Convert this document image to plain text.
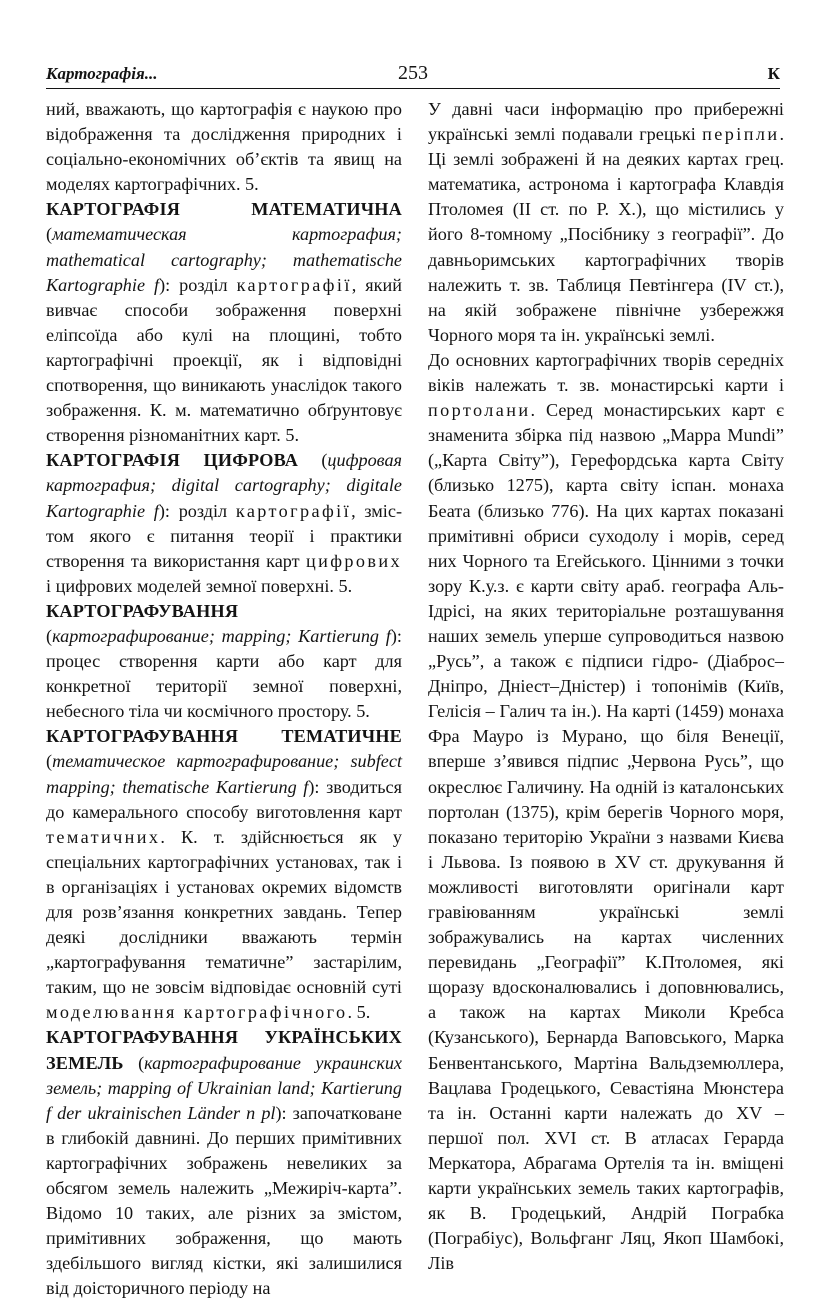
Картографія...	253	К

ний, вважають, що картографія є наукою про відображення та дослідження природних і соціально-економічних об’єктів та явищ на моделях картографічних. 5.

КАРТОГРАФІЯ МАТЕМАТИЧНА (математическая картография; mathematical cartography; mathematische Kartographie f): розділ картографії, який вивчає способи зображення поверхні еліпсоїда або кулі на площині, тобто картографічні проекції, як і відповідні спотворення, що виникають унаслідок такого зображення. К. м. математично обґрунтовує створення різноманітних карт. 5.

КАРТОГРАФІЯ ЦИФРОВА (цифровая картография; digital cartography; digitale Kartographie f): розділ картографії, змістом якого є питання теорії і практики створення та використання карт цифрових і цифрових моделей земної поверхні. 5.

КАРТОГРАФУВАННЯ (картографирование; mapping; Kartierung f): процес створення карти або карт для конкретної території земної поверхні, небесного тіла чи космічного простору. 5.

КАРТОГРАФУВАННЯ ТЕМАТИЧНЕ (тематическое картографирование; subfect mapping; thematische Kartierung f): зводиться до камерального способу виготовлення карт тематичних. К. т. здійснюється як у спеціальних картографічних установах, так і в організаціях і установах окремих відомств для розв’язання конкретних завдань. Тепер деякі дослідники вважають термін „картографування тематичне” застарілим, таким, що не зовсім відповідає основній суті моделювання картографічного. 5.

КАРТОГРАФУВАННЯ УКРАЇНСЬКИХ ЗЕМЕЛЬ (картографирование украинских земель; mapping of Ukrainian land; Kartierung f der ukrainischen Länder n pl): започатковане в глибокій давнині. До перших примітивних картографічних зображень невеликих за обсягом земель належить „Межиріч-карта”. Відомо 10 таких, але різних за змістом, примітивних зображення, що мають здебільшого вигляд кістки, які залишилися від доісторичного періоду на

У давні часи інформацію про прибережні українські землі подавали грецькі періпли. Ці землі зображені й на деяких картах грец. математика, астронома і картографа Клавдія Птоломея (II ст. по Р. Х.), що містились у його 8-томному „Посібнику з географії”. До давньоримських картографічних творів належить т. зв. Таблиця Певтінгера (IV ст.), на якій зображене північне узбережжя Чорного моря та ін. українські землі.

До основних картографічних творів середніх віків належать т. зв. монастирські карти і портолани. Серед монастирських карт є знаменита збірка під назвою „Марра Mundi” („Карта Світу”), Герефордська карта Світу (близько 1275), карта світу іспан. монаха Беата (близько 776). На цих картах показані примітивні обриси суходолу і морів, серед них Чорного та Егейського. Цінними з точки зору К.у.з. є карти світу араб. географа Аль-Ідрісі, на яких територіальне розташування наших земель уперше супроводиться назвою „Русь”, а також є підписи гідро- (Діаброс–Дніпро, Дніест–Дністер) і топонімів (Київ, Гелісія – Галич та ін.). На карті (1459) монаха Фра Мауро із Мурано, що біля Венеції, вперше з’явився підпис „Червона Русь”, що окреслює Галичину. На одній із каталонських портолан (1375), крім берегів Чорного моря, показано територію України з назвами Києва і Львова. Із появою в XV ст. друкування й можливості виготовляти оригінали карт гравіюванням українські землі зображувались на картах численних перевидань „Географії” К.Птоломея, які щоразу вдосконалювались і доповнювались, а також на картах Миколи Кребса (Кузанського), Бернарда Ваповського, Марка Бенвентанського, Мартіна Вальдземюллера, Вацлава Гродецького, Севастіяна Мюнстера та ін. Останні карти належать до XV – першої пол. XVI ст. В атласах Герарда Меркатора, Абрагама Ортелія та ін. вміщені карти українських земель таких картографів, як В. Гродецький, Андрій Пограбка (Пограбіус), Вольфганг Ляц, Якоп Шамбокі, Лів
